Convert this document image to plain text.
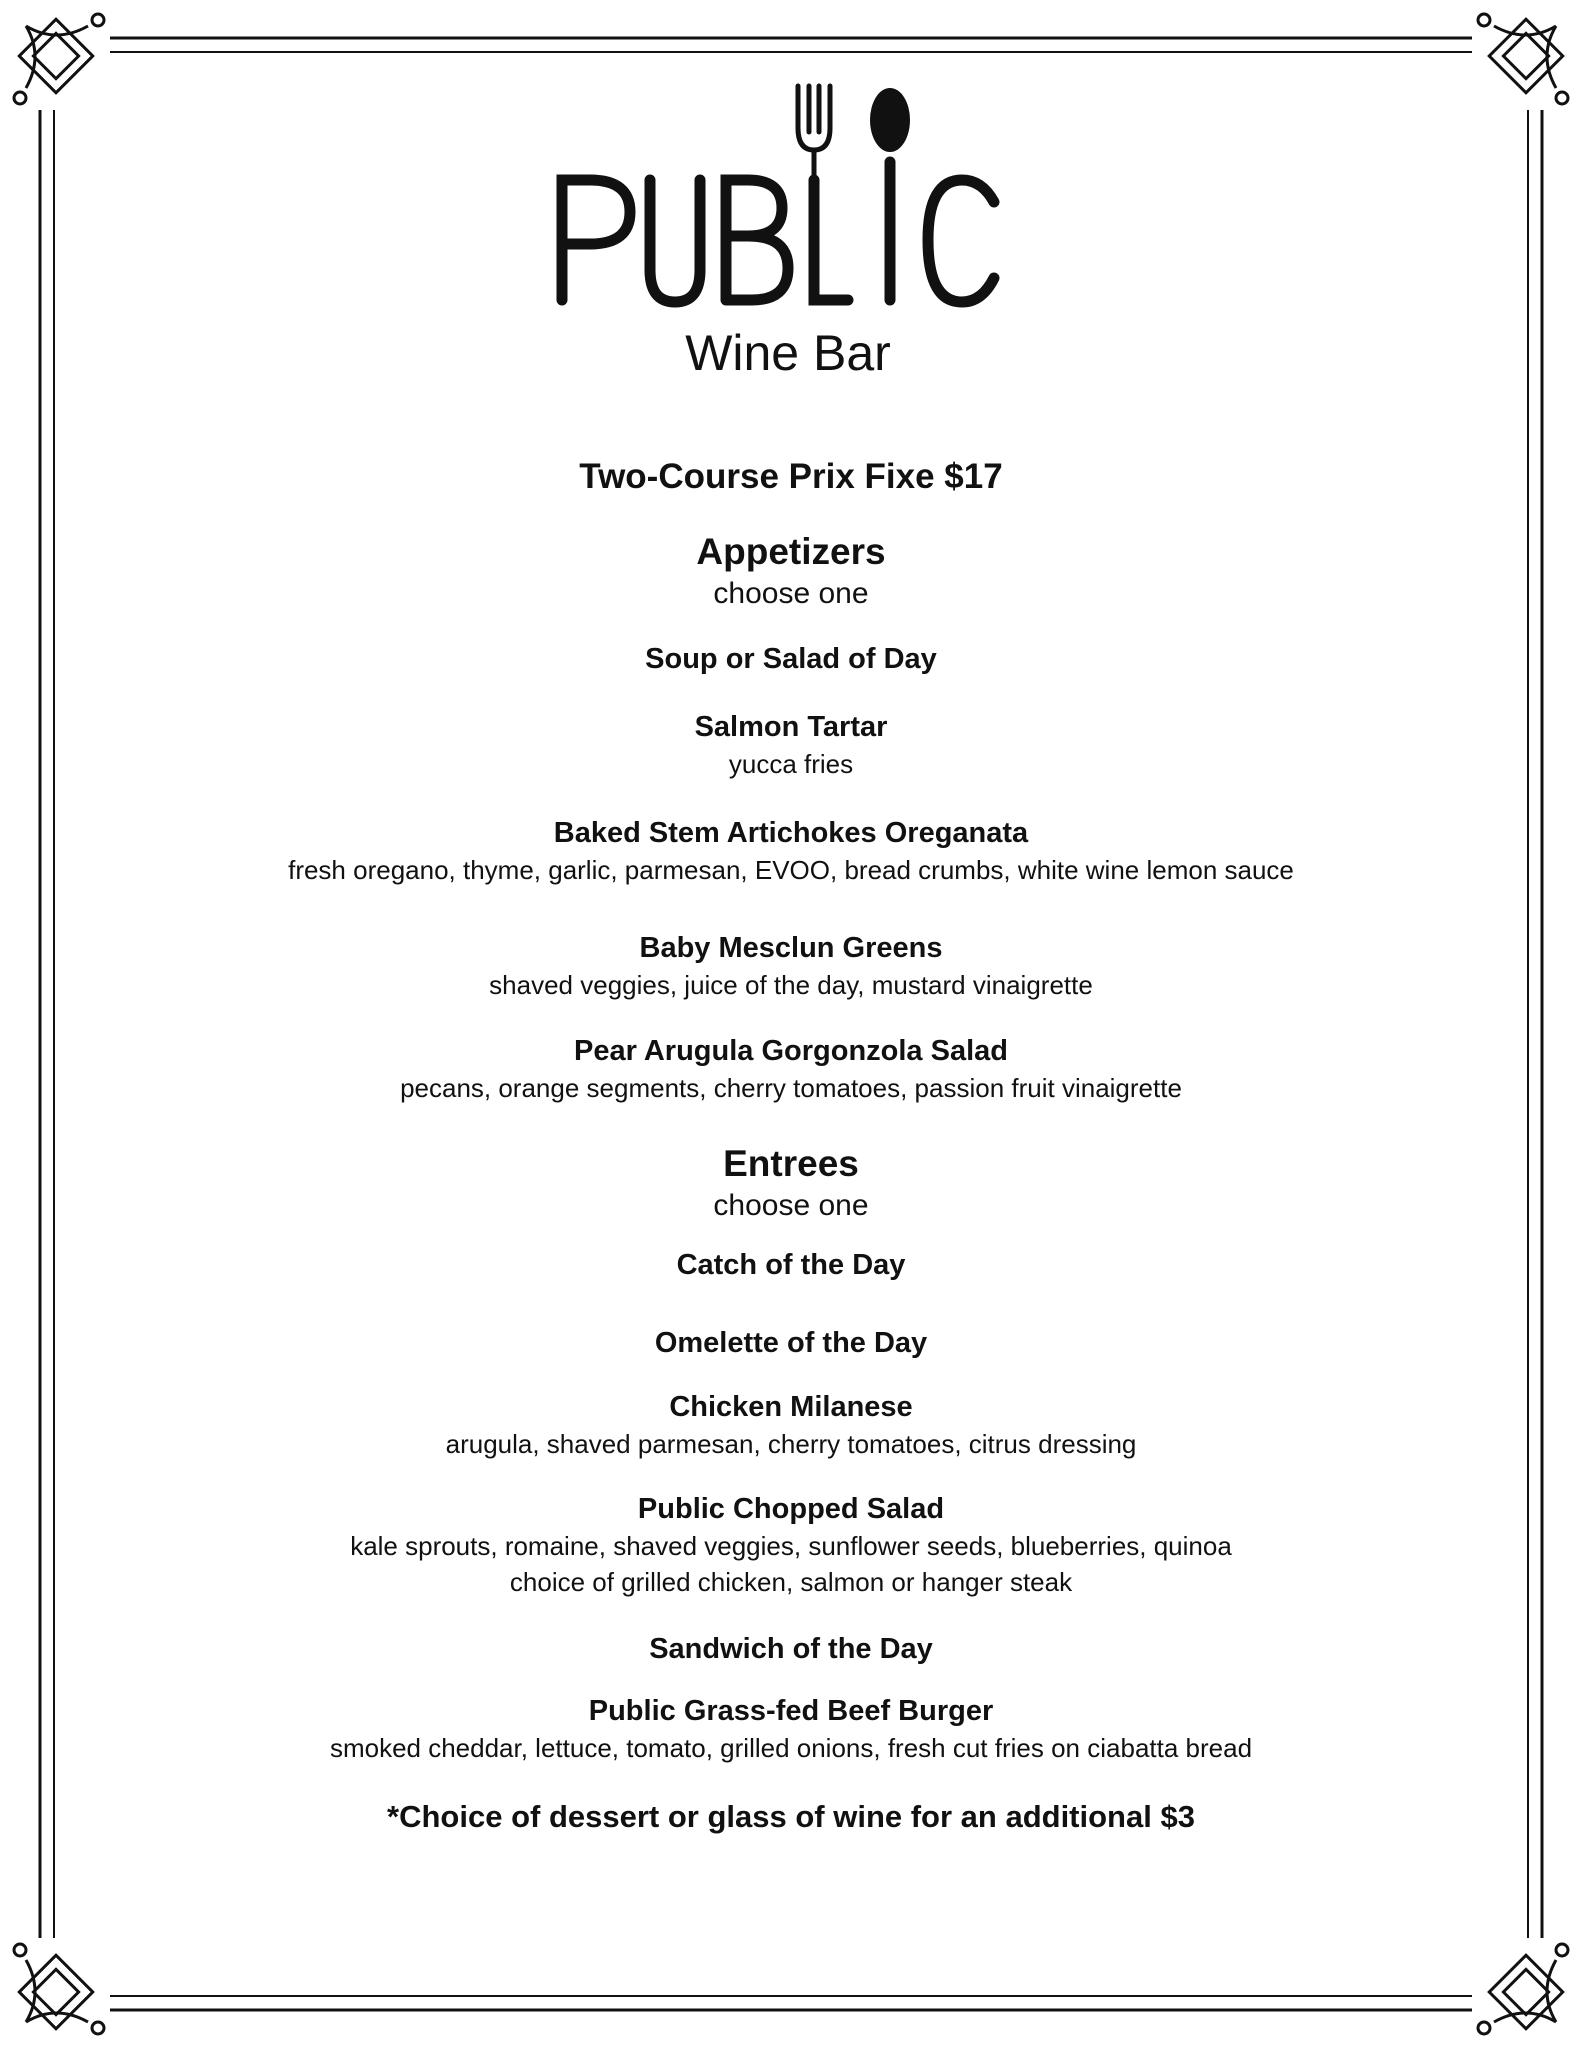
Wine Bar
Two-Course Prix Fixe $17
Appetizers
choose one
Soup or Salad of Day
Salmon Tartar
yucca fries
Baked Stem Artichokes Oreganata
fresh oregano, thyme, garlic, parmesan, EVOO, bread crumbs, white wine lemon sauce
Baby Mesclun Greens
shaved veggies, juice of the day, mustard vinaigrette
Pear Arugula Gorgonzola Salad
pecans, orange segments, cherry tomatoes, passion fruit vinaigrette
Entrees
choose one
Catch of the Day
Omelette of the Day
Chicken Milanese
arugula, shaved parmesan, cherry tomatoes, citrus dressing
Public Chopped Salad
kale sprouts, romaine, shaved veggies, sunflower seeds, blueberries, quinoa
choice of grilled chicken, salmon or hanger steak
Sandwich of the Day
Public Grass-fed Beef Burger
smoked cheddar, lettuce, tomato, grilled onions, fresh cut fries on ciabatta bread
*Choice of dessert or glass of wine for an additional $3
